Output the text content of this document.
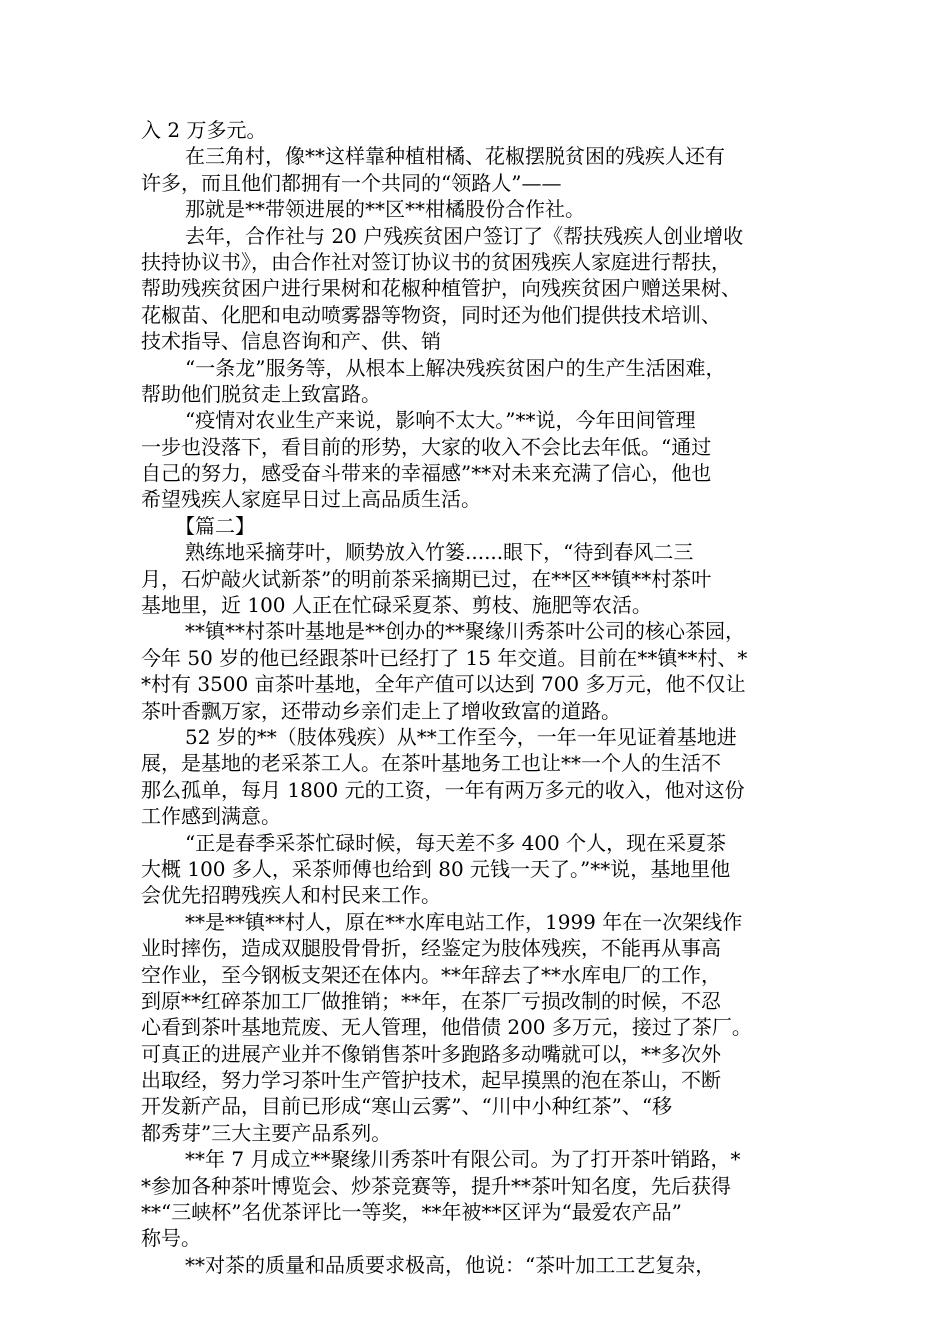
入 2 万多元。
在三角村，像**这样靠种植柑橘、花椒摆脱贫困的残疾人还有
许多，而且他们都拥有一个共同的“领路人”——
那就是**带领进展的**区**柑橘股份合作社。
去年，合作社与 20 户残疾贫困户签订了《帮扶残疾人创业增收
扶持协议书》，由合作社对签订协议书的贫困残疾人家庭进行帮扶，
帮助残疾贫困户进行果树和花椒种植管护，向残疾贫困户赠送果树、
花椒苗、化肥和电动喷雾器等物资，同时还为他们提供技术培训、
技术指导、信息咨询和产、供、销
“一条龙”服务等，从根本上解决残疾贫困户的生产生活困难，
帮助他们脱贫走上致富路。
“疫情对农业生产来说，影响不太大。”**说，今年田间管理
一步也没落下，看目前的形势，大家的收入不会比去年低。“通过
自己的努力，感受奋斗带来的幸福感”**对未来充满了信心，他也
希望残疾人家庭早日过上高品质生活。
【篇二】
熟练地采摘芽叶，顺势放入竹篓......眼下，“待到春风二三
月，石炉敲火试新茶”的明前茶采摘期已过，在**区**镇**村茶叶
基地里，近 100 人正在忙碌采夏茶、剪枝、施肥等农活。
**镇**村茶叶基地是**创办的**聚缘川秀茶叶公司的核心茶园，
今年 50 岁的他已经跟茶叶已经打了 15 年交道。目前在**镇**村、*
*村有 3500 亩茶叶基地，全年产值可以达到 700 多万元，他不仅让
茶叶香飘万家，还带动乡亲们走上了增收致富的道路。
52 岁的**（肢体残疾）从**工作至今，一年一年见证着基地进
展，是基地的老采茶工人。在茶叶基地务工也让**一个人的生活不
那么孤单，每月 1800 元的工资，一年有两万多元的收入，他对这份
工作感到满意。
“正是春季采茶忙碌时候，每天差不多 400 个人，现在采夏茶
大概 100 多人，采茶师傅也给到 80 元钱一天了。”**说，基地里他
会优先招聘残疾人和村民来工作。
**是**镇**村人，原在**水库电站工作，1999 年在一次架线作
业时摔伤，造成双腿股骨骨折，经鉴定为肢体残疾，不能再从事高
空作业，至今钢板支架还在体内。**年辞去了**水库电厂的工作，
到原**红碎茶加工厂做推销；**年，在茶厂亏损改制的时候，不忍
心看到茶叶基地荒废、无人管理，他借债 200 多万元，接过了茶厂。
可真正的进展产业并不像销售茶叶多跑路多动嘴就可以，**多次外
出取经，努力学习茶叶生产管护技术，起早摸黑的泡在茶山，不断
开发新产品，目前已形成“寒山云雾”、“川中小种红茶”、“移
都秀芽”三大主要产品系列。
**年 7 月成立**聚缘川秀茶叶有限公司。为了打开茶叶销路，*
*参加各种茶叶博览会、炒茶竞赛等，提升**茶叶知名度，先后获得
**“三峡杯”名优茶评比一等奖，**年被**区评为“最爱农产品”
称号。
**对茶的质量和品质要求极高，他说：“茶叶加工工艺复杂，
